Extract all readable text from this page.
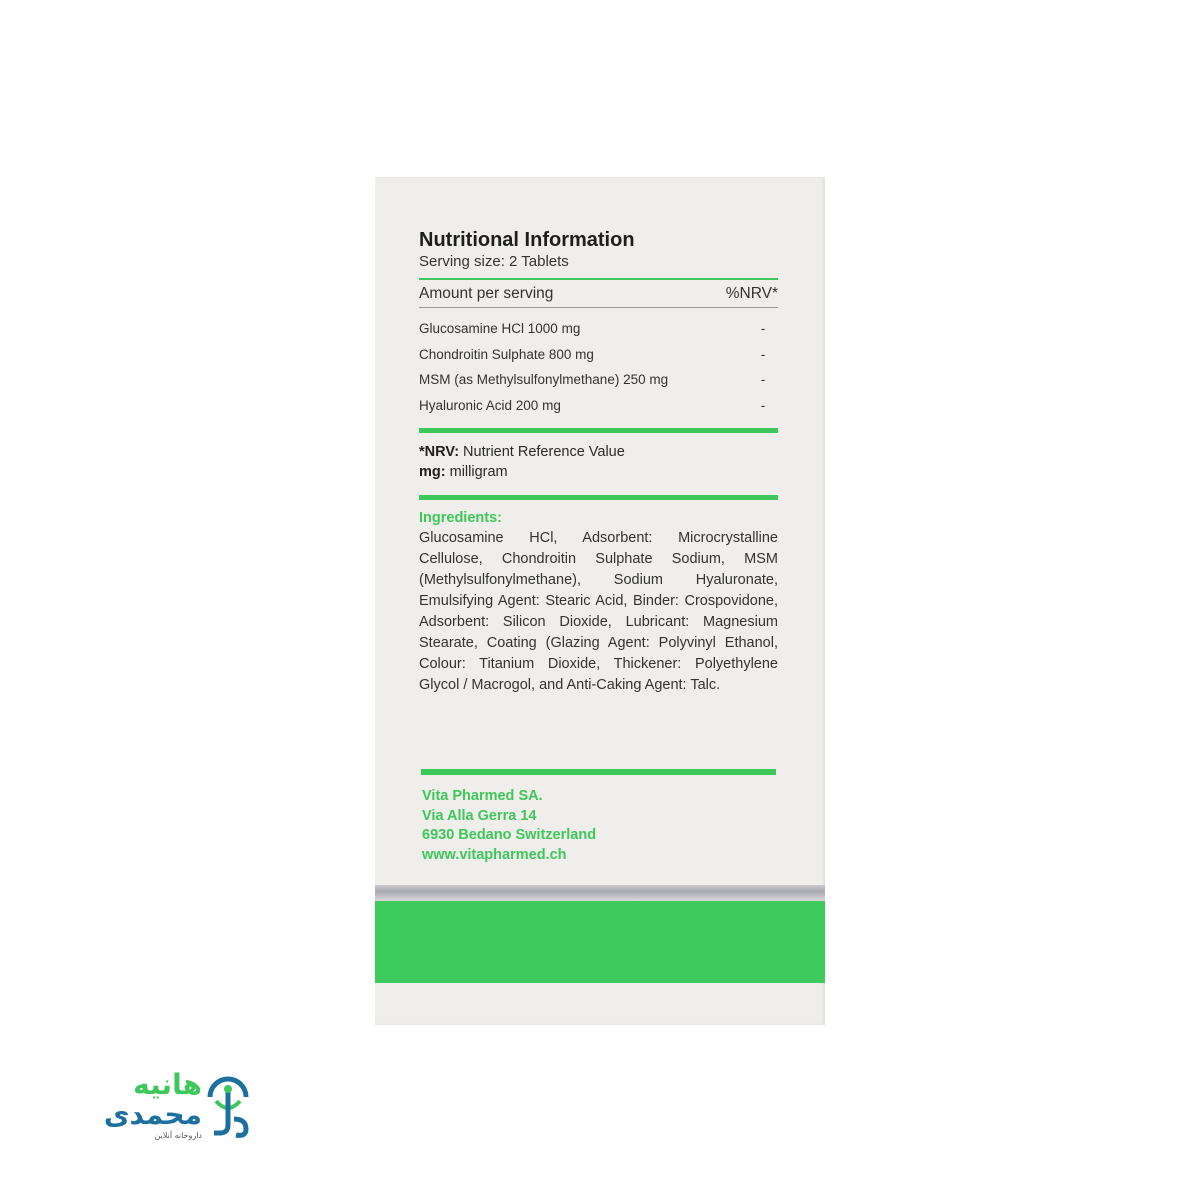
Nutritional Information
Serving size: 2 Tablets
Amount per serving	%NRV*
Glucosamine HCl 1000 mg	-
Chondroitin Sulphate 800 mg	-
MSM (as Methylsulfonylmethane) 250 mg	-
Hyaluronic Acid 200 mg	-
*NRV: Nutrient Reference Value
mg: milligram
Ingredients:
Glucosamine HCl, Adsorbent: Microcrystalline Cellulose, Chondroitin Sulphate Sodium, MSM (Methylsulfonylmethane), Sodium Hyaluronate, Emulsifying Agent: Stearic Acid, Binder: Crospovidone, Adsorbent: Silicon Dioxide, Lubricant: Magnesium Stearate, Coating (Glazing Agent: Polyvinyl Ethanol, Colour: Titanium Dioxide, Thickener: Polyethylene Glycol / Macrogol, and Anti-Caking Agent: Talc.
Vita Pharmed SA.
Via Alla Gerra 14
6930 Bedano Switzerland
www.vitapharmed.ch
هانیه
محمدی
داروخانه آنلاین
